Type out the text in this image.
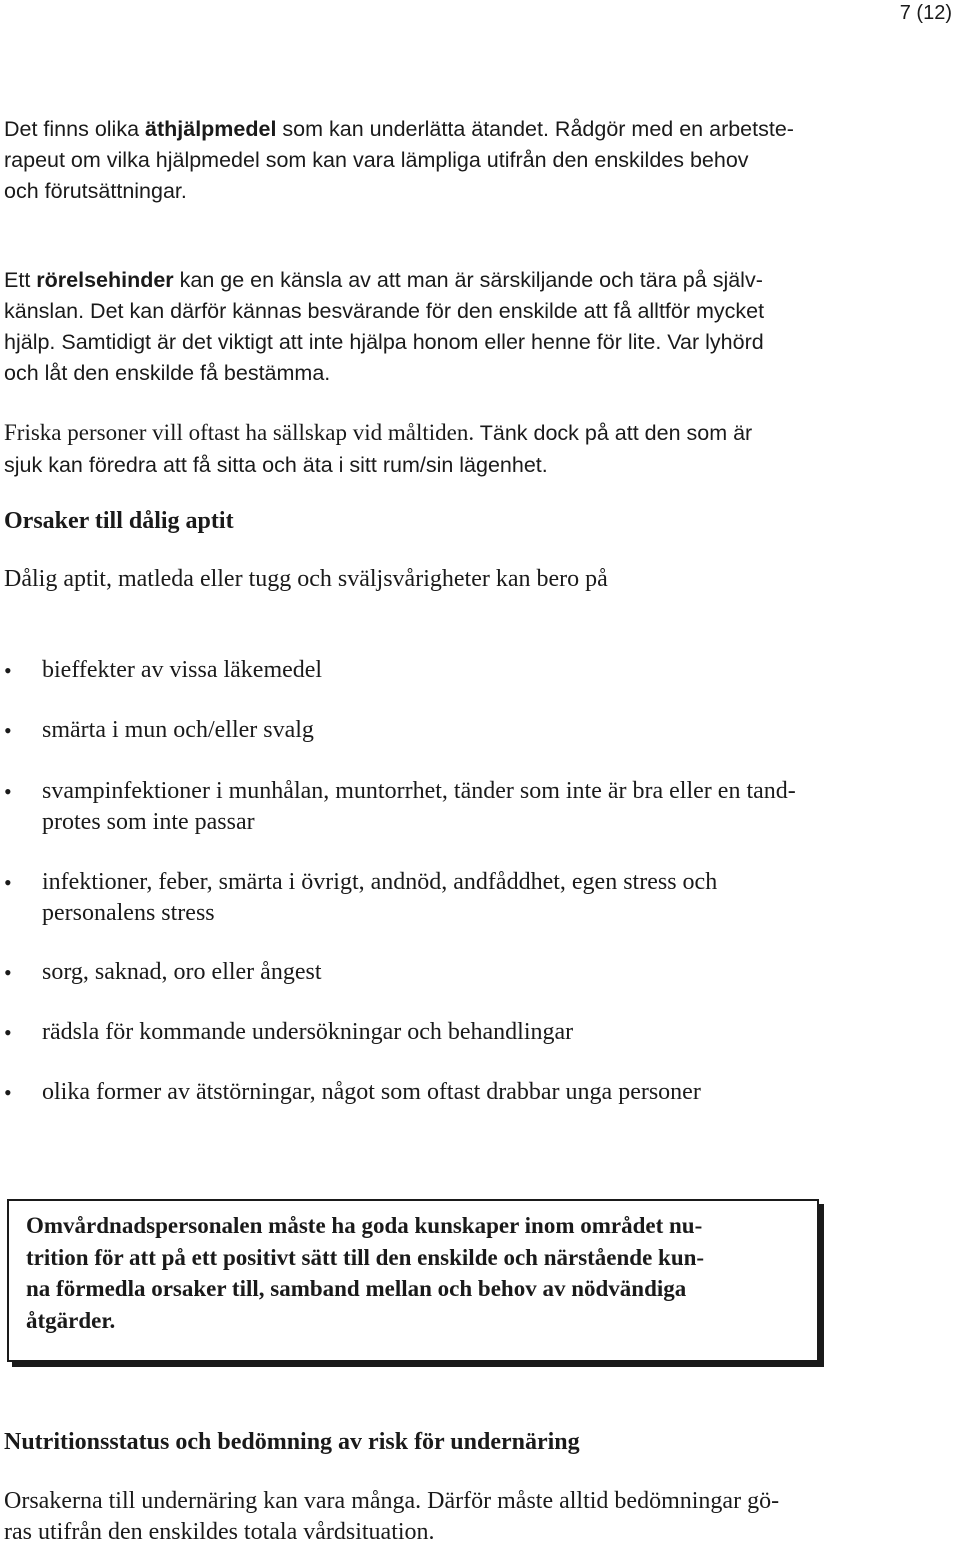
7 (12)

Det finns olika äthjälpmedel som kan underlätta ätandet. Rådgör med en arbetste-
rapeut om vilka hjälpmedel som kan vara lämpliga utifrån den enskildes behov
och förutsättningar.

Ett rörelsehinder kan ge en känsla av att man är särskiljande och tära på själv-
känslan. Det kan därför kännas besvärande för den enskilde att få alltför mycket
hjälp. Samtidigt är det viktigt att inte hjälpa honom eller henne för lite. Var lyhörd
och låt den enskilde få bestämma.

Friska personer vill oftast ha sällskap vid måltiden. Tänk dock på att den som är
sjuk kan föredra att få sitta och äta i sitt rum/sin lägenhet.

Orsaker till dålig aptit

Dålig aptit, matleda eller tugg och sväljsvårigheter kan bero på

•	bieffekter av vissa läkemedel
•	smärta i mun och/eller svalg
•	svampinfektioner i munhålan, muntorrhet, tänder som inte är bra eller en tand-
protes som inte passar
•	infektioner, feber, smärta i övrigt, andnöd, andfåddhet, egen stress och
personalens stress
•	sorg, saknad, oro eller ångest
•	rädsla för kommande undersökningar och behandlingar
•	olika former av ätstörningar, något som oftast drabbar unga personer

Omvårdnadspersonalen måste ha goda kunskaper inom området nu-
trition för att på ett positivt sätt till den enskilde och närstående kun-
na förmedla orsaker till, samband mellan och behov av nödvändiga
åtgärder.

Nutritionsstatus och bedömning av risk för undernäring

Orsakerna till undernäring kan vara många. Därför måste alltid bedömningar gö-
ras utifrån den enskildes totala vårdsituation.
